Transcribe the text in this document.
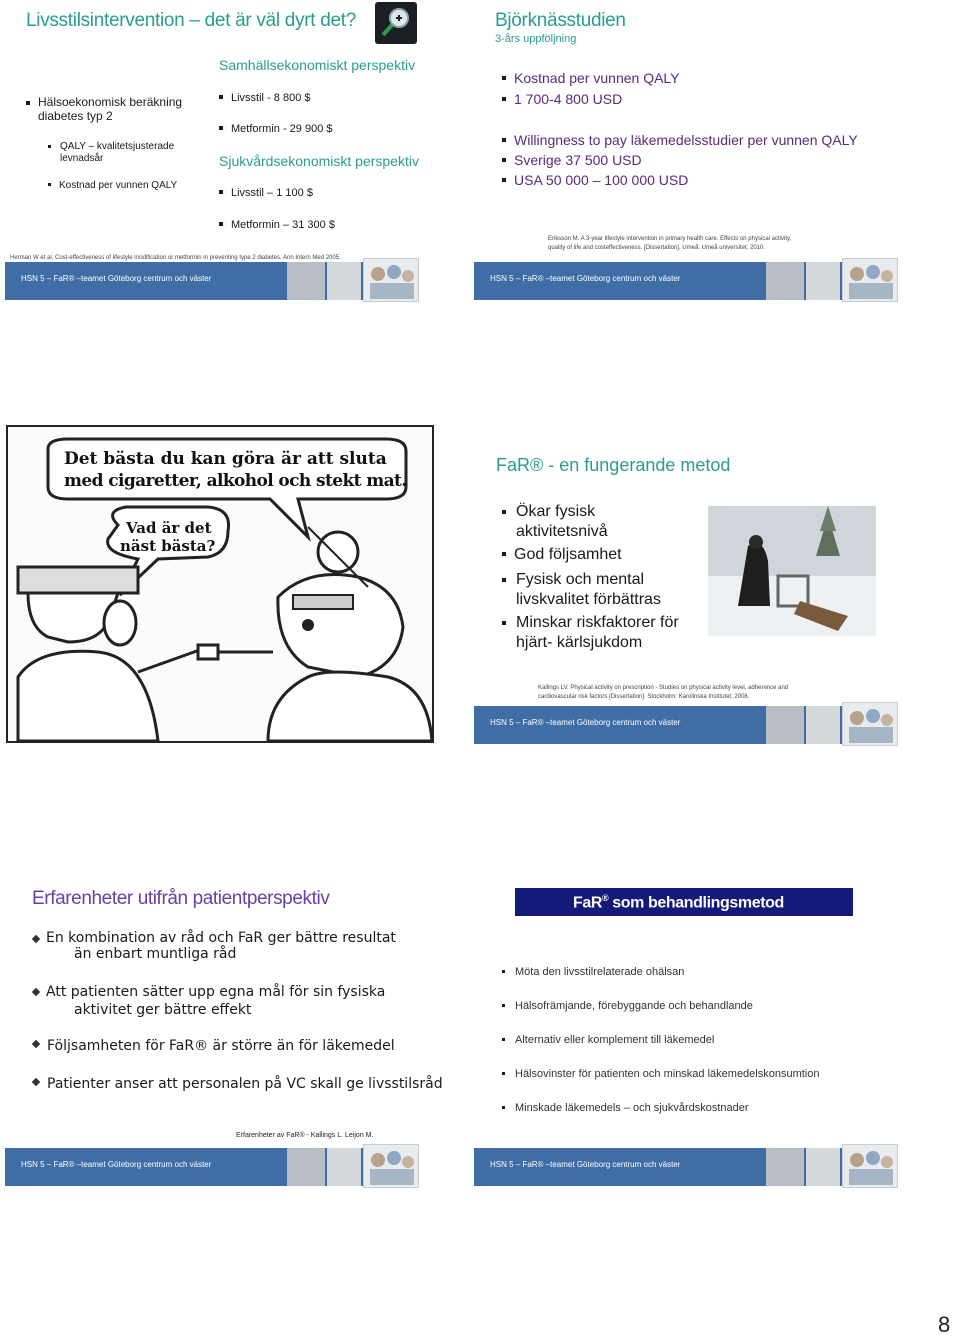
Livsstilsintervention – det är väl dyrt det?
Hälsoekonomisk beräkning diabetes typ 2
QALY – kvalitetsjusterade levnadsår
Kostnad per vunnen QALY
Samhällsekonomiskt perspektiv
Livsstil - 8 800 $
Metformin - 29 900 $
Sjukvårdsekonomiskt perspektiv
Livsstil – 1 100 $
Metformin – 31 300 $
Herman W et al. Cost-effectiveness of lifestyle modification or metformin in preventing type 2 diabetes. Ann Intern Med 2005.
HSN 5 – FaR® –teamet Göteborg centrum och väster
Björknässtudien
3-års uppföljning
Kostnad per vunnen QALY
1 700-4 800 USD
Willingness to pay läkemedelsstudier per vunnen QALY
Sverige 37 500 USD
USA 50 000 – 100 000 USD
Eriksson M. A 3-year lifestyle intervention in primary health care. Effects on physical activity,
quality of life and costeffectiveness. [Dissertation]. Umeå: Umeå universitet; 2010.
HSN 5 – FaR® –teamet Göteborg centrum och väster
Det bästa du kan göra är att sluta
med cigaretter, alkohol och stekt mat.
Vad är det
näst bästa?
FaR® - en fungerande metod
Ökar fysisk
aktivitetsnivå
God följsamhet
Fysisk och mental
livskvalitet förbättras
Minskar riskfaktorer för
hjärt- kärlsjukdom
Kallings LV. Physical activity on prescription - Studies on physical activity level, adherence and
cardiovascular risk factors [Dissertation]. Stockholm: Karolinska Institutet; 2008.
HSN 5 – FaR® –teamet Göteborg centrum och väster
Erfarenheter utifrån patientperspektiv
En kombination av råd och FaR ger bättre resultat
än enbart muntliga råd
Att patienten sätter upp egna mål för sin fysiska
aktivitet ger bättre effekt
Följsamheten för FaR® är större än för läkemedel
Patienter anser att personalen på VC skall ge livsstilsråd
Erfarenheter av FaR® - Kallings L. Leijon M.
HSN 5 – FaR® –teamet Göteborg centrum och väster
FaR® som behandlingsmetod
Möta den livsstilrelaterade ohälsan
Hälsofrämjande, förebyggande och behandlande
Alternativ eller komplement till läkemedel
Hälsovinster för patienten och minskad läkemedelskonsumtion
Minskade läkemedels – och sjukvårdskostnader
HSN 5 – FaR® –teamet Göteborg centrum och väster
8
